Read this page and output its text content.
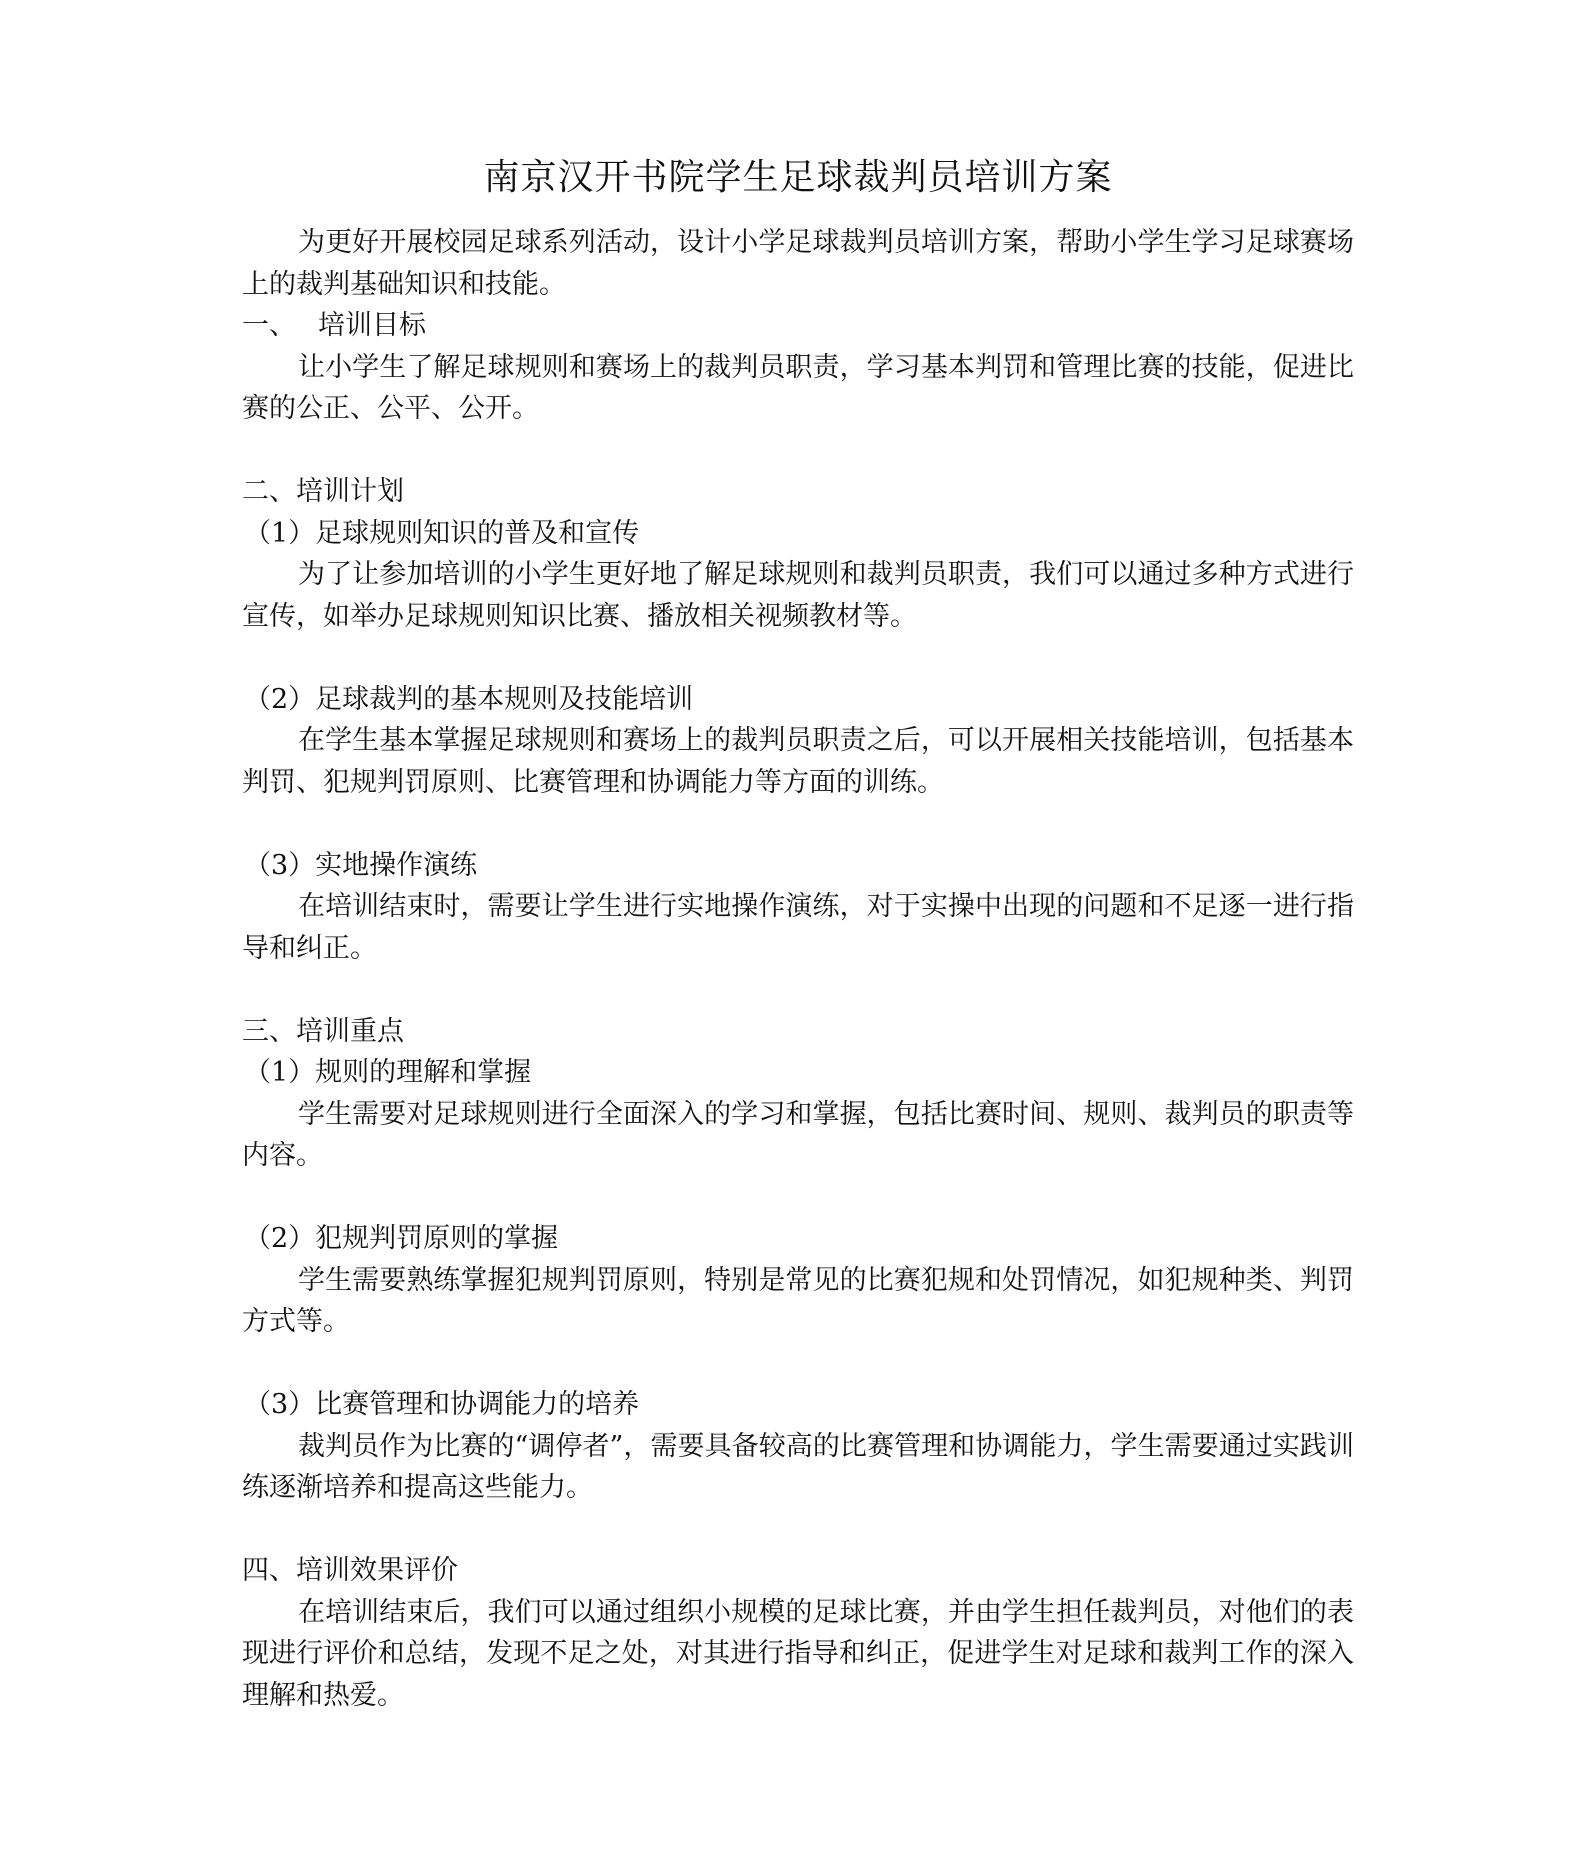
南京汉开书院学生足球裁判员培训方案

为更好开展校园足球系列活动，设计小学足球裁判员培训方案，帮助小学生学习足球赛场上的裁判基础知识和技能。

一、 培训目标

让小学生了解足球规则和赛场上的裁判员职责，学习基本判罚和管理比赛的技能，促进比赛的公正、公平、公开。

二、培训计划

（1）足球规则知识的普及和宣传

为了让参加培训的小学生更好地了解足球规则和裁判员职责，我们可以通过多种方式进行宣传，如举办足球规则知识比赛、播放相关视频教材等。

（2）足球裁判的基本规则及技能培训

在学生基本掌握足球规则和赛场上的裁判员职责之后，可以开展相关技能培训，包括基本判罚、犯规判罚原则、比赛管理和协调能力等方面的训练。

（3）实地操作演练

在培训结束时，需要让学生进行实地操作演练，对于实操中出现的问题和不足逐一进行指导和纠正。

三、培训重点

（1）规则的理解和掌握

学生需要对足球规则进行全面深入的学习和掌握，包括比赛时间、规则、裁判员的职责等内容。

（2）犯规判罚原则的掌握

学生需要熟练掌握犯规判罚原则，特别是常见的比赛犯规和处罚情况，如犯规种类、判罚方式等。

（3）比赛管理和协调能力的培养

裁判员作为比赛的“调停者”，需要具备较高的比赛管理和协调能力，学生需要通过实践训练逐渐培养和提高这些能力。

四、培训效果评价

在培训结束后，我们可以通过组织小规模的足球比赛，并由学生担任裁判员，对他们的表现进行评价和总结，发现不足之处，对其进行指导和纠正，促进学生对足球和裁判工作的深入理解和热爱。
